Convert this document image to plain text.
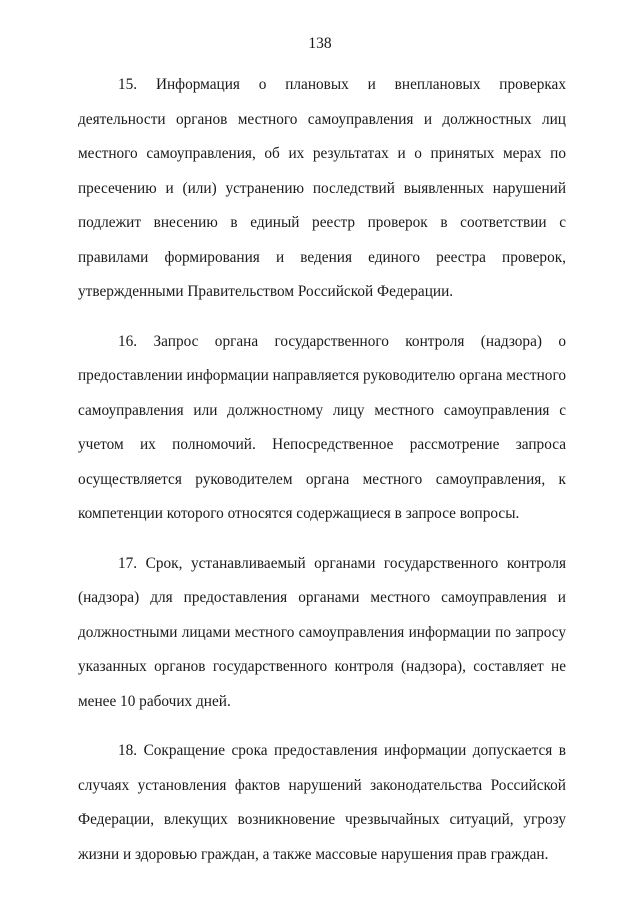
138

15. Информация о плановых и внеплановых проверках деятельности органов местного самоуправления и должностных лиц местного самоуправления, об их результатах и о принятых мерах по пресечению и (или) устранению последствий выявленных нарушений подлежит внесению в единый реестр проверок в соответствии с правилами формирования и ведения единого реестра проверок, утвержденными Правительством Российской Федерации.

16. Запрос органа государственного контроля (надзора) о предоставлении информации направляется руководителю органа местного самоуправления или должностному лицу местного самоуправления с учетом их полномочий. Непосредственное рассмотрение запроса осуществляется руководителем органа местного самоуправления, к компетенции которого относятся содержащиеся в запросе вопросы.

17. Срок, устанавливаемый органами государственного контроля (надзора) для предоставления органами местного самоуправления и должностными лицами местного самоуправления информации по запросу указанных органов государственного контроля (надзора), составляет не менее 10 рабочих дней.

18. Сокращение срока предоставления информации допускается в случаях установления фактов нарушений законодательства Российской Федерации, влекущих возникновение чрезвычайных ситуаций, угрозу жизни и здоровью граждан, а также массовые нарушения прав граждан.
